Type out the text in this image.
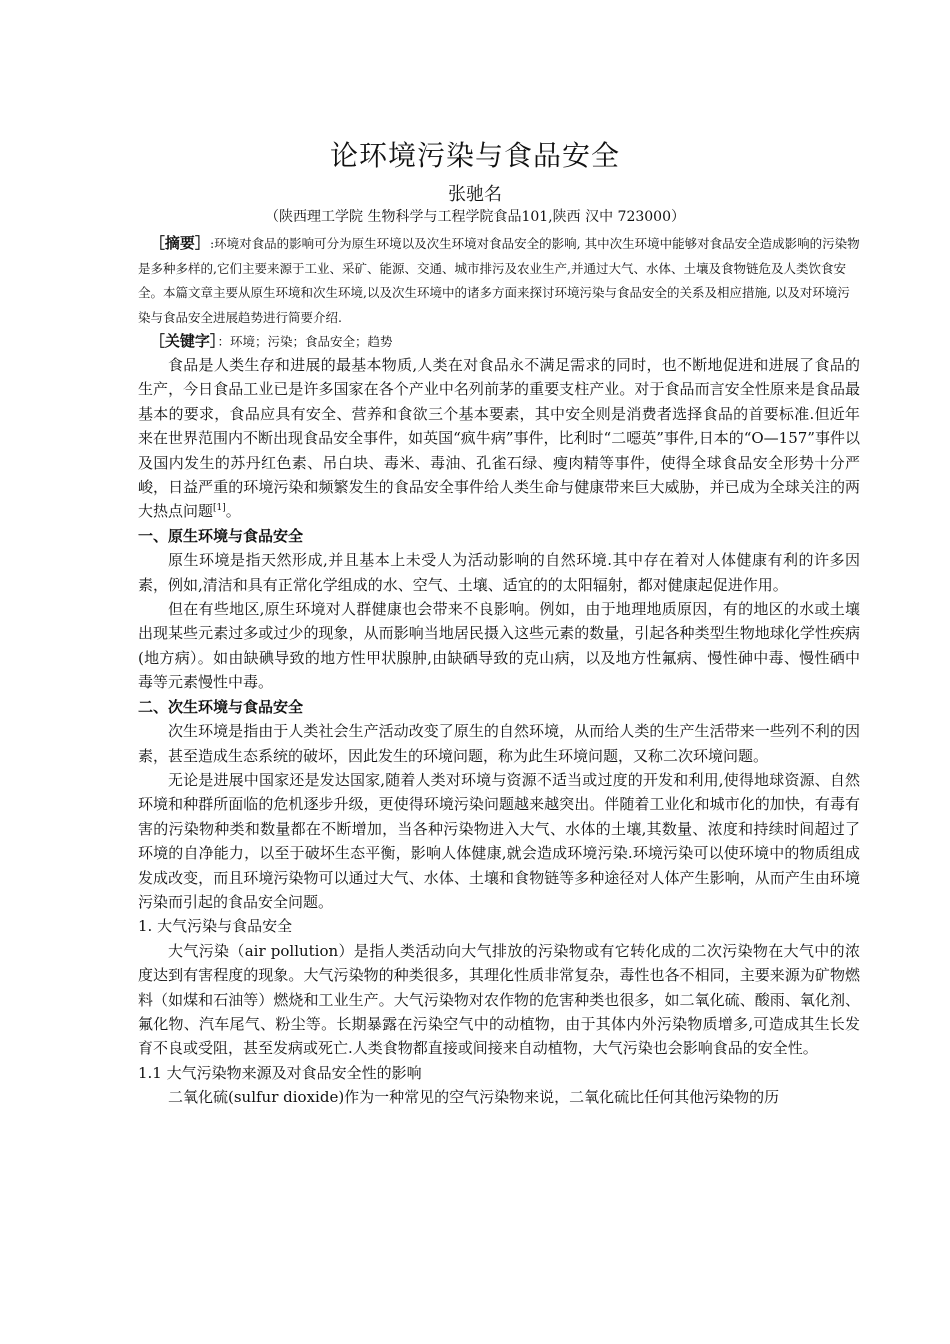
论环境污染与食品安全
张驰名
（陕西理工学院 生物科学与工程学院食品101,陕西 汉中 723000）
［摘要］:环境对食品的影响可分为原生环境以及次生环境对食品安全的影响, 其中次生环境中能够对食品安全造成影响的污染物是多种多样的,它们主要来源于工业、采矿、能源、交通、城市排污及农业生产,并通过大气、水体、土壤及食物链危及人类饮食安全。本篇文章主要从原生环境和次生环境,以及次生环境中的诸多方面来探讨环境污染与食品安全的关系及相应措施, 以及对环境污染与食品安全进展趋势进行简要介绍.
［关键字］：环境；污染；食品安全；趋势

食品是人类生存和进展的最基本物质,人类在对食品永不满足需求的同时，也不断地促进和进展了食品的生产，今日食品工业已是许多国家在各个产业中名列前茅的重要支柱产业。对于食品而言安全性原来是食品最基本的要求，食品应具有安全、营养和食欲三个基本要素，其中安全则是消费者选择食品的首要标准.但近年来在世界范围内不断出现食品安全事件，如英国“疯牛病”事件，比利时“二噁英”事件,日本的“O—157”事件以及国内发生的苏丹红色素、吊白块、毒米、毒油、孔雀石绿、瘦肉精等事件，使得全球食品安全形势十分严峻，日益严重的环境污染和频繁发生的食品安全事件给人类生命与健康带来巨大威胁，并已成为全球关注的两大热点问题[1]。

一、原生环境与食品安全

原生环境是指天然形成,并且基本上未受人为活动影响的自然环境.其中存在着对人体健康有利的许多因素，例如,清洁和具有正常化学组成的水、空气、土壤、适宜的的太阳辐射，都对健康起促进作用。

但在有些地区,原生环境对人群健康也会带来不良影响。例如，由于地理地质原因，有的地区的水或土壤出现某些元素过多或过少的现象，从而影响当地居民摄入这些元素的数量，引起各种类型生物地球化学性疾病(地方病）。如由缺碘导致的地方性甲状腺肿,由缺硒导致的克山病，以及地方性氟病、慢性砷中毒、慢性硒中毒等元素慢性中毒。

二、次生环境与食品安全

次生环境是指由于人类社会生产活动改变了原生的自然环境，从而给人类的生产生活带来一些列不利的因素，甚至造成生态系统的破坏，因此发生的环境问题，称为此生环境问题，又称二次环境问题。

无论是进展中国家还是发达国家,随着人类对环境与资源不适当或过度的开发和利用,使得地球资源、自然环境和种群所面临的危机逐步升级，更使得环境污染问题越来越突出。伴随着工业化和城市化的加快，有毒有害的污染物种类和数量都在不断增加，当各种污染物进入大气、水体的土壤,其数量、浓度和持续时间超过了环境的自净能力，以至于破坏生态平衡，影响人体健康,就会造成环境污染.环境污染可以使环境中的物质组成发成改变，而且环境污染物可以通过大气、水体、土壤和食物链等多种途径对人体产生影响，从而产生由环境污染而引起的食品安全问题。

1. 大气污染与食品安全

大气污染（air pollution）是指人类活动向大气排放的污染物或有它转化成的二次污染物在大气中的浓度达到有害程度的现象。大气污染物的种类很多，其理化性质非常复杂，毒性也各不相同，主要来源为矿物燃料（如煤和石油等）燃烧和工业生产。大气污染物对农作物的危害种类也很多，如二氧化硫、酸雨、氧化剂、氟化物、汽车尾气、粉尘等。长期暴露在污染空气中的动植物，由于其体内外污染物质增多,可造成其生长发育不良或受阻，甚至发病或死亡.人类食物都直接或间接来自动植物，大气污染也会影响食品的安全性。

1.1 大气污染物来源及对食品安全性的影响

二氧化硫(sulfur dioxide)作为一种常见的空气污染物来说，二氧化硫比任何其他污染物的历
